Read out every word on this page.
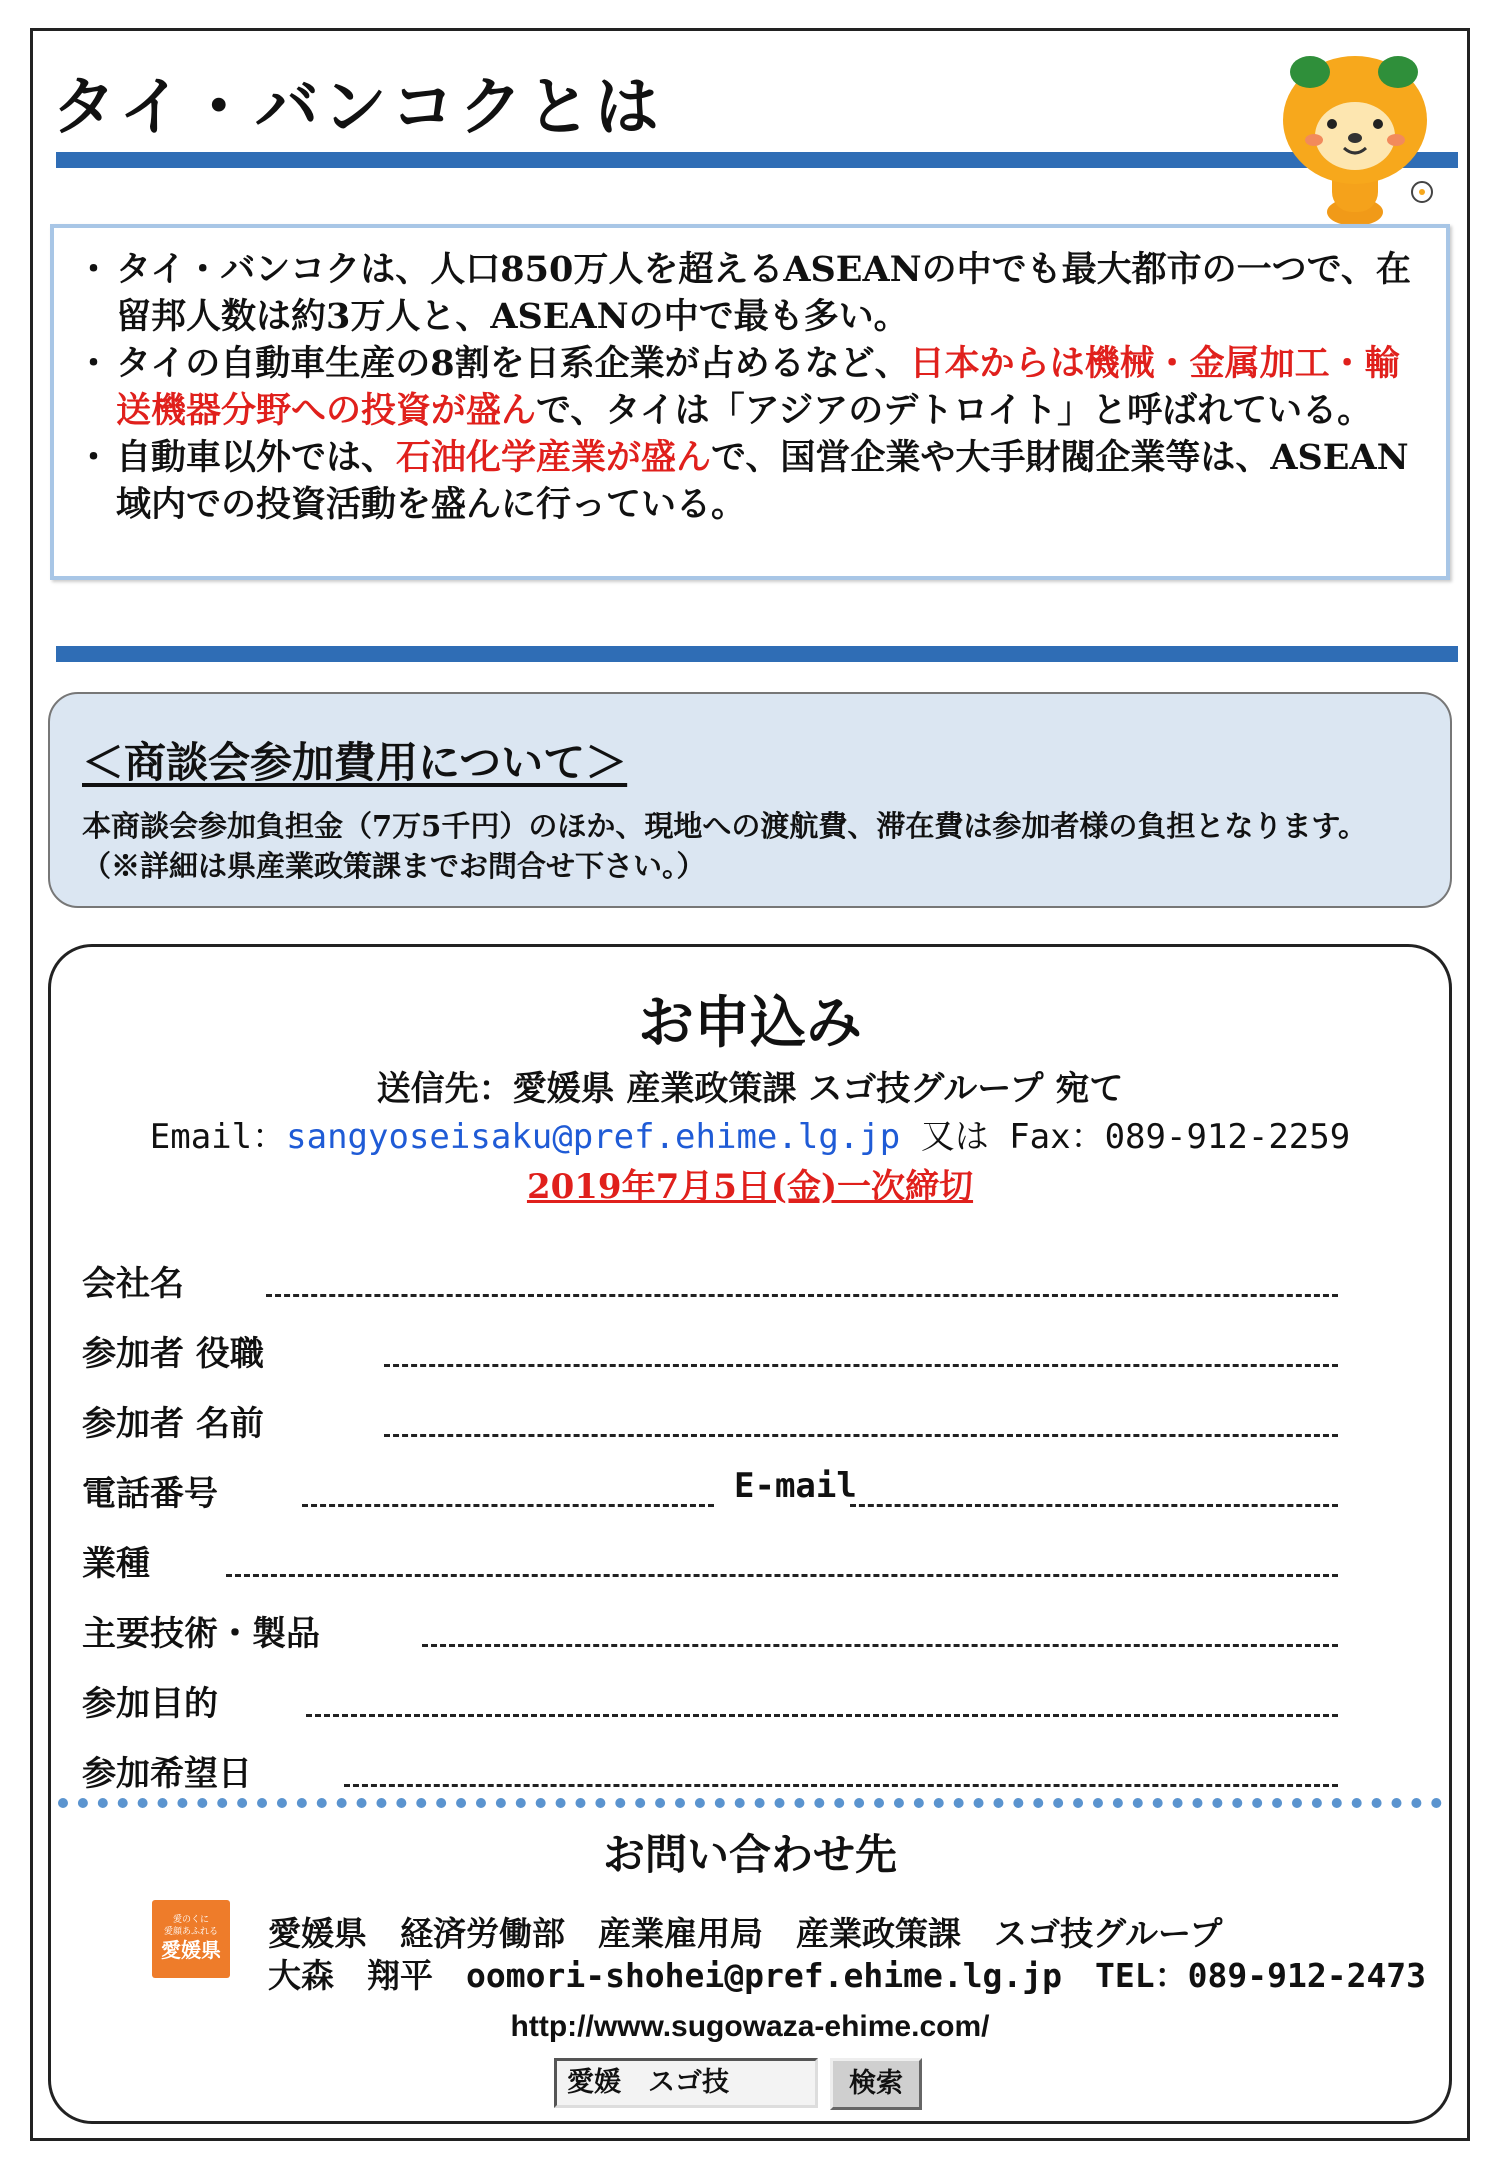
タイ・バンコクとは
・ タイ・バンコクは、人口850万人を超えるASEANの中でも最大都市の一つで、在留邦人数は約3万人と、ASEANの中で最も多い。
・ タイの自動車生産の8割を日系企業が占めるなど、日本からは機械・金属加工・輸送機器分野への投資が盛んで、タイは「アジアのデトロイト」と呼ばれている。
・ 自動車以外では、石油化学産業が盛んで、国営企業や大手財閥企業等は、ASEAN域内での投資活動を盛んに行っている。
＜商談会参加費用について＞
本商談会参加負担金（7万5千円）のほか、現地への渡航費、滞在費は参加者様の負担となります。　（※詳細は県産業政策課までお問合せ下さい。）
お申込み
送信先：愛媛県 産業政策課 スゴ技グループ 宛て
Email：sangyoseisaku@pref.ehime.lg.jp 又は Fax：089-912-2259
2019年7月5日(金)一次締切
会社名
参加者 役職
参加者 名前
電話番号	E-mail
業種
主要技術・製品
参加目的
参加希望日
お問い合わせ先
愛のくに
愛顔あふれる
愛媛県 愛媛県　経済労働部　産業雇用局　産業政策課　スゴ技グループ
大森　翔平　oomori-shohei@pref.ehime.lg.jp　TEL：089-912-2473
http://www.sugowaza-ehime.com/
愛媛　スゴ技	検索
